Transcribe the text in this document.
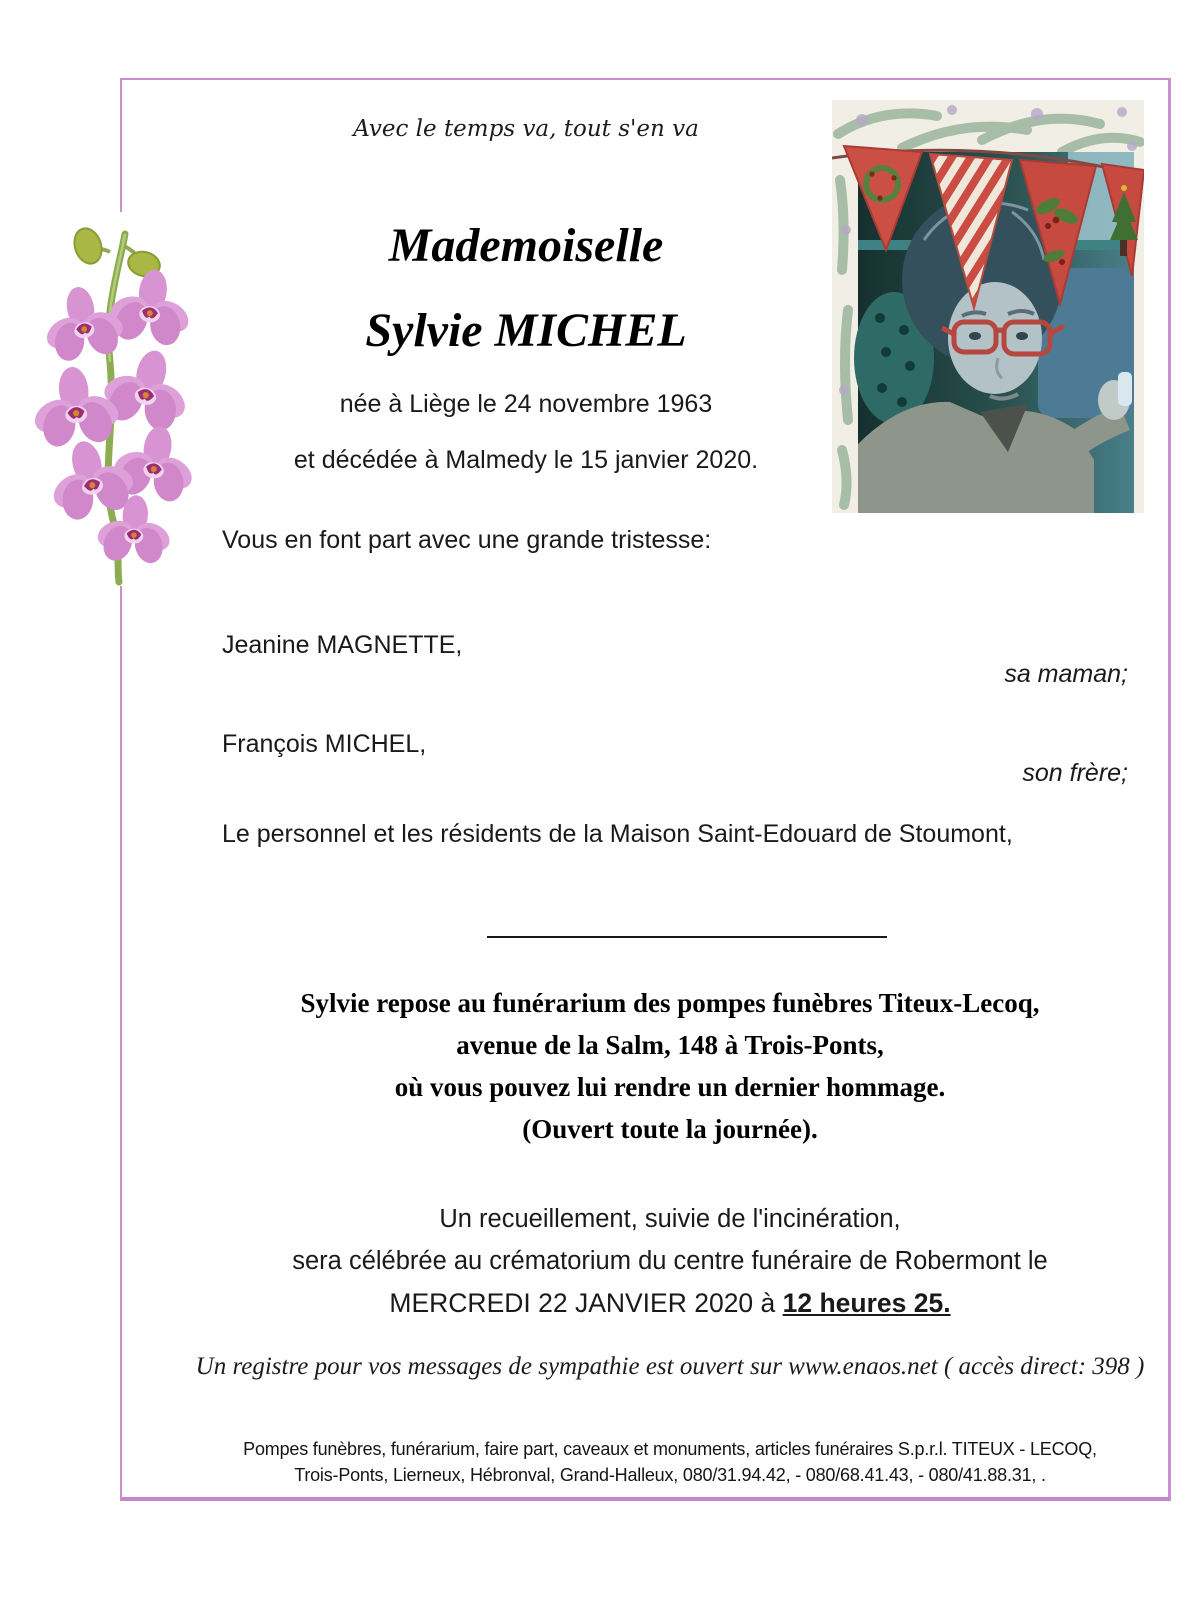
Avec le temps va, tout s'en va
Mademoiselle
Sylvie MICHEL
née à Liège le 24 novembre 1963
et décédée à Malmedy le 15 janvier 2020.
Vous en font part avec une grande tristesse:
Jeanine MAGNETTE,
sa maman;
François MICHEL,
son frère;
Le personnel et les résidents de la Maison Saint-Edouard de Stoumont,
Sylvie repose au funérarium des pompes funèbres Titeux-Lecoq,
avenue de la Salm, 148 à Trois-Ponts,
où vous pouvez lui rendre un dernier hommage.
(Ouvert toute la journée).
Un recueillement, suivie de l'incinération,
sera célébrée au crématorium du centre funéraire de Robermont le
MERCREDI 22 JANVIER 2020 à 12 heures 25.
Un registre pour vos messages de sympathie est ouvert sur www.enaos.net ( accès direct: 398 )
Pompes funèbres, funérarium, faire part, caveaux et monuments, articles funéraires S.p.r.l. TITEUX - LECOQ,
Trois-Ponts, Lierneux, Hébronval, Grand-Halleux, 080/31.94.42, - 080/68.41.43, - 080/41.88.31, .
